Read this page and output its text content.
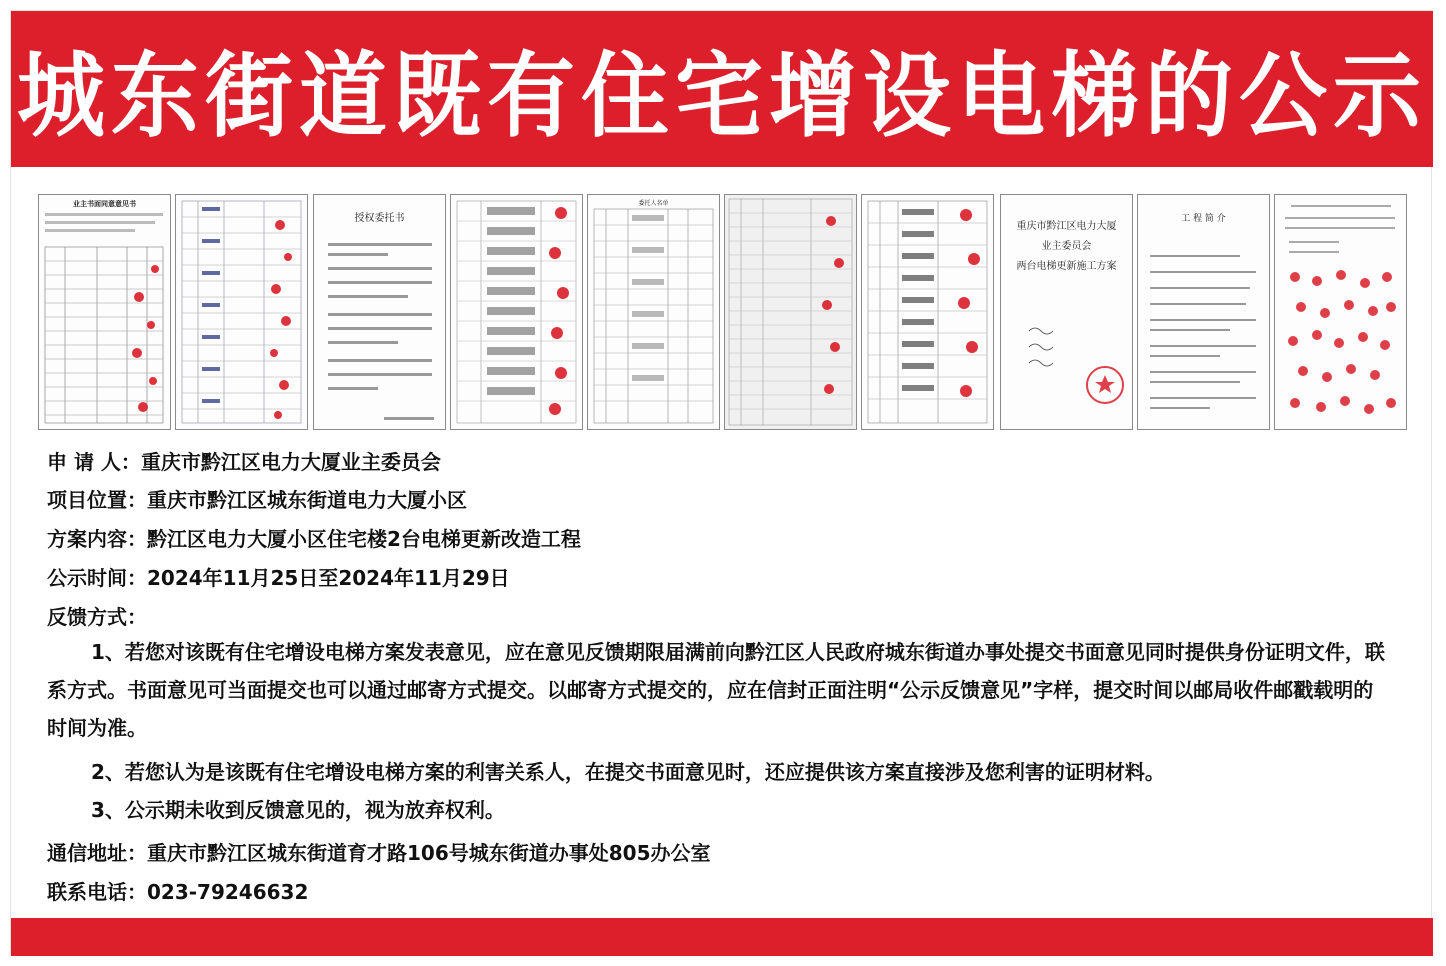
城东街道既有住宅增设电梯的公示
业主书面同意意见书
授权委托书
委托人名单
重庆市黔江区电力大厦
业主委员会
两台电梯更新施工方案
工 程 简 介
申 请 人：重庆市黔江区电力大厦业主委员会
项目位置：重庆市黔江区城东街道电力大厦小区
方案内容：黔江区电力大厦小区住宅楼2台电梯更新改造工程
公示时间：2024年11月25日至2024年11月29日
反馈方式：
1、若您对该既有住宅增设电梯方案发表意见，应在意见反馈期限届满前向黔江区人民政府城东街道办事处提交书面意见同时提供身份证明文件，联系方式。书面意见可当面提交也可以通过邮寄方式提交。以邮寄方式提交的，应在信封正面注明“公示反馈意见”字样，提交时间以邮局收件邮戳载明的时间为准。
2、若您认为是该既有住宅增设电梯方案的利害关系人，在提交书面意见时，还应提供该方案直接涉及您利害的证明材料。
3、公示期未收到反馈意见的，视为放弃权利。
通信地址：重庆市黔江区城东街道育才路106号城东街道办事处805办公室
联系电话：023-79246632
